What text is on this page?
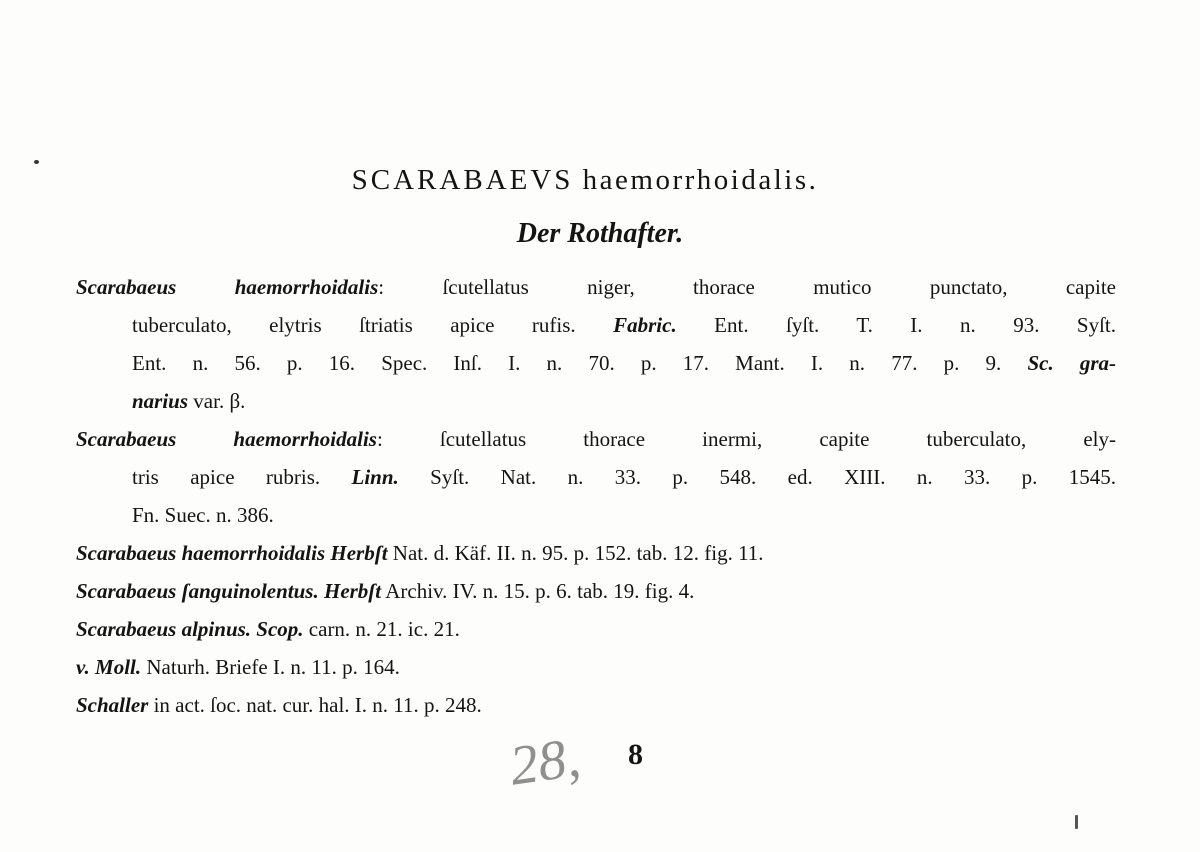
SCARABAEVS haemorrhoidalis.
Der Rothafter.
Scarabaeus haemorrhoidalis: ſcutellatus niger, thorace mutico punctato, capite
tuberculato, elytris ſtriatis apice rufis. Fabric. Ent. ſyſt. T. I. n. 93. Syſt.
Ent. n. 56. p. 16. Spec. Inſ. I. n. 70. p. 17. Mant. I. n. 77. p. 9. Sc. gra-
narius var. β.
Scarabaeus haemorrhoidalis: ſcutellatus thorace inermi, capite tuberculato, ely-
tris apice rubris. Linn. Syſt. Nat. n. 33. p. 548. ed. XIII. n. 33. p. 1545.
Fn. Suec. n. 386.
Scarabaeus haemorrhoidalis Herbſt Nat. d. Käf. II. n. 95. p. 152. tab. 12. fig. 11.
Scarabaeus ſanguinolentus. Herbſt Archiv. IV. n. 15. p. 6. tab. 19. fig. 4.
Scarabaeus alpinus. Scop. carn. n. 21. ic. 21.
v. Moll. Naturh. Briefe I. n. 11. p. 164.
Schaller in act. ſoc. nat. cur. hal. I. n. 11. p. 248.
28, 8
